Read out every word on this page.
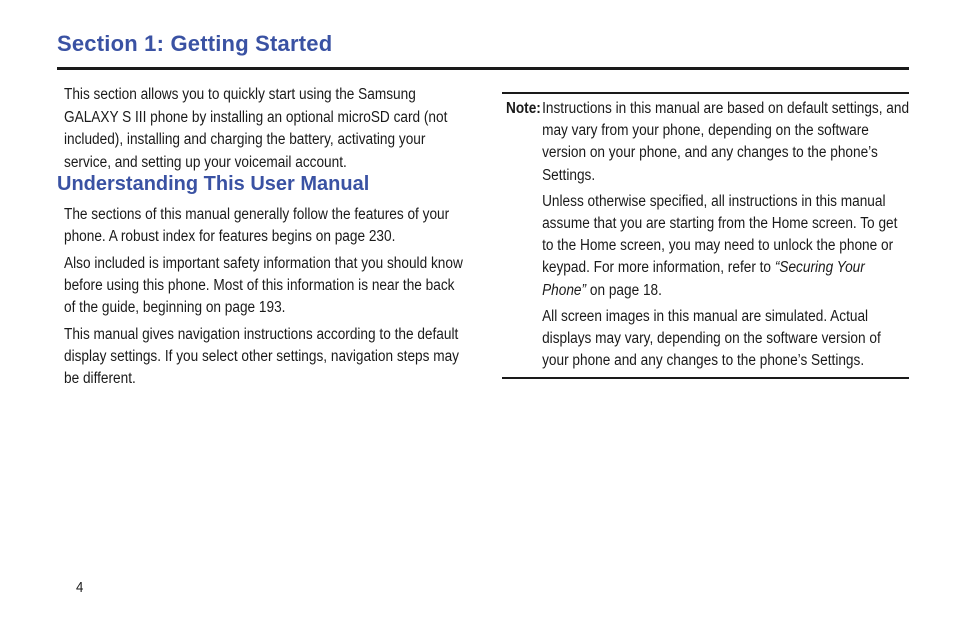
Section 1: Getting Started

This section allows you to quickly start using the Samsung GALAXY S III phone by installing an optional microSD card (not included), installing and charging the battery, activating your service, and setting up your voicemail account.

Understanding This User Manual

The sections of this manual generally follow the features of your phone. A robust index for features begins on page 230.

Also included is important safety information that you should know before using this phone. Most of this information is near the back of the guide, beginning on page 193.

This manual gives navigation instructions according to the default display settings. If you select other settings, navigation steps may be different.

Note: Instructions in this manual are based on default settings, and may vary from your phone, depending on the software version on your phone, and any changes to the phone’s Settings.

Unless otherwise specified, all instructions in this manual assume that you are starting from the Home screen. To get to the Home screen, you may need to unlock the phone or keypad. For more information, refer to “Securing Your Phone” on page 18.

All screen images in this manual are simulated. Actual displays may vary, depending on the software version of your phone and any changes to the phone’s Settings.

4
